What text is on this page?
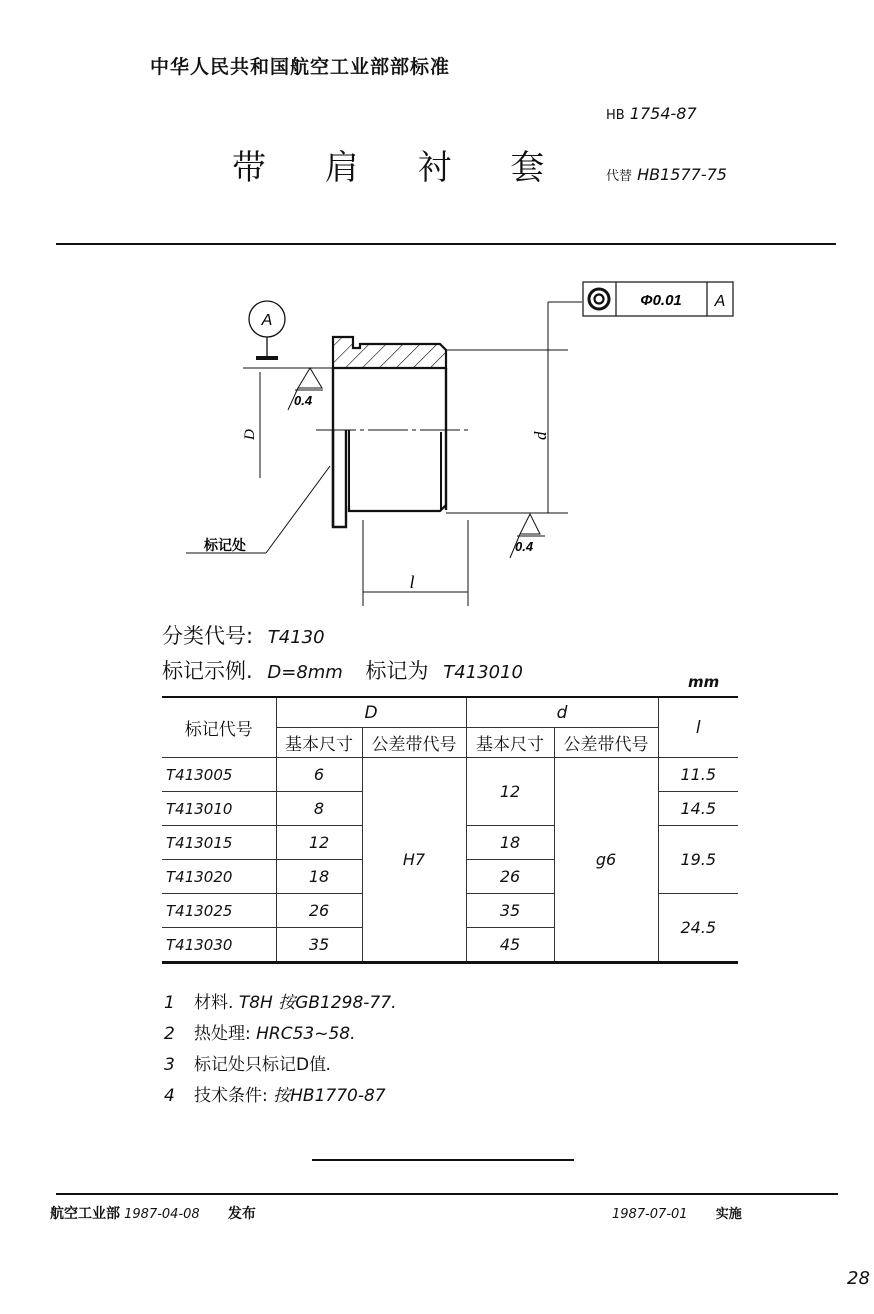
中华人民共和国航空工业部部标准
带 肩 衬 套
HB 1754-87
代替 HB1577-75
A
D	d
l
0.4
0.4
标记处
Φ0.01 A
分类代号: T4130
标记示例. D=8mm 标记为 T413010	mm
标记代号	D		d		l
	基本尺寸	公差带代号	基本尺寸	公差带代号	
T413005	6	H7	12	g6	11.5
T413010	8				14.5
T413015	12		18		19.5
T413020	18		26		
T413025	26		35		24.5
T413030	35		45		
1 材料. T8H 按GB1298-77.
2 热处理: HRC53~58.
3 标记处只标记D值.
4 技术条件: 按HB1770-87
航空工业部 1987-04-08 发布	1987-07-01 实施
28
